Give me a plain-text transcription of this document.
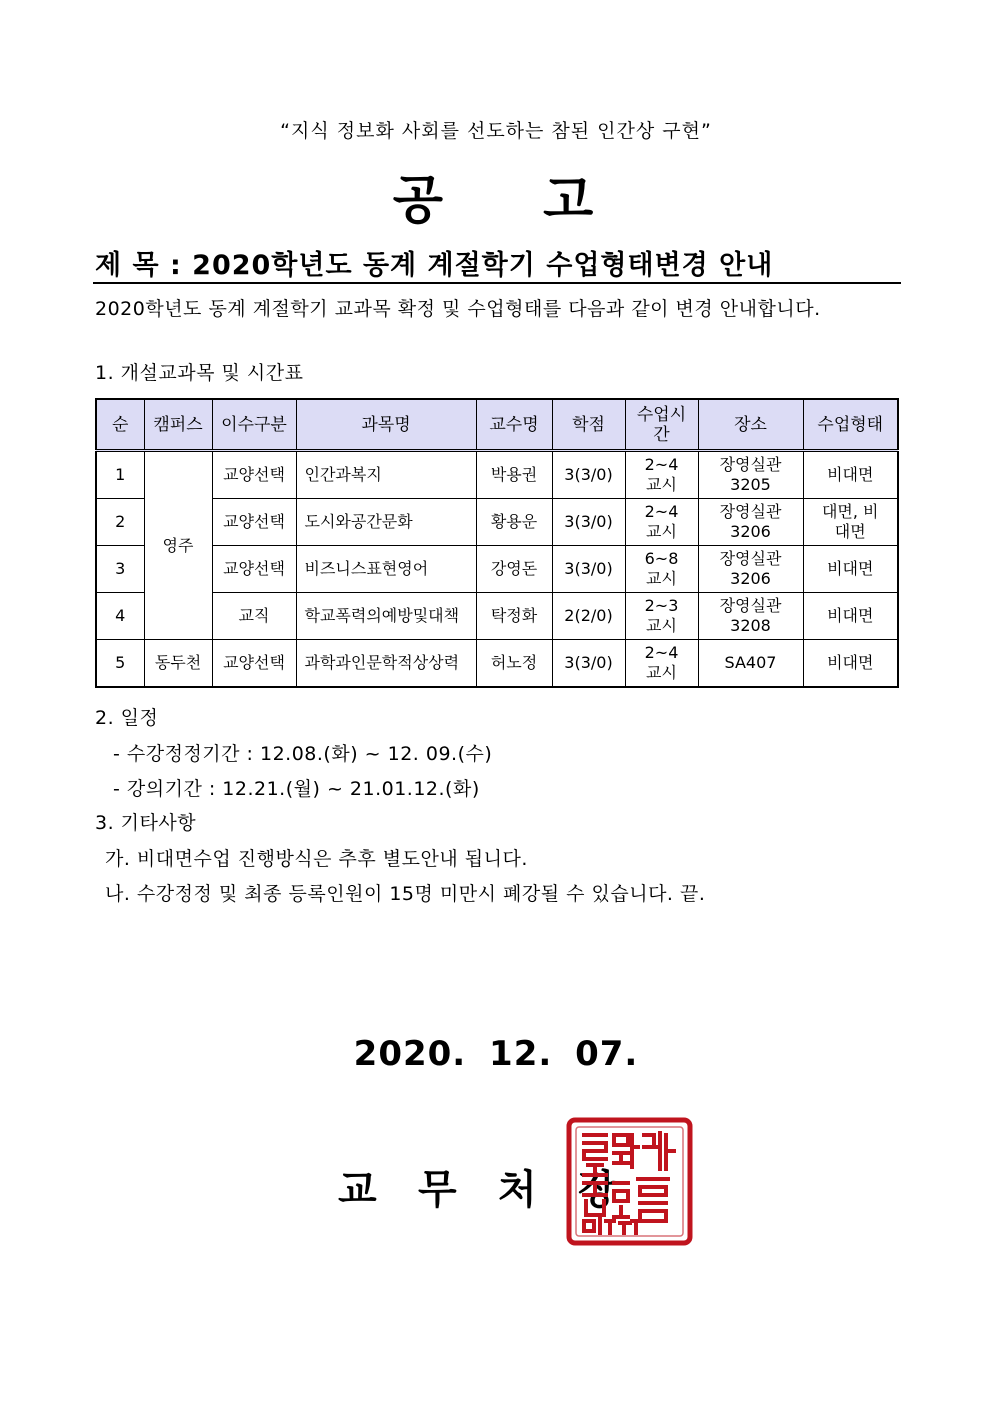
“지식 정보화 사회를 선도하는 참된 인간상 구현”
공 고
제 목 : 2020학년도 동계 계절학기 수업형태변경 안내
2020학년도 동계 계절학기 교과목 확정 및 수업형태를 다음과 같이 변경 안내합니다.
1. 개설교과목 및 시간표
순	캠퍼스	이수구분	과목명	교수명	학점	수업시간	장소	수업형태
1	영주	교양선택	인간과복지	박용권	3(3/0)	2~4 교시	장영실관 3205	비대면
2		교양선택	도시와공간문화	황용운	3(3/0)	2~4 교시	장영실관 3206	대면, 비대면
3		교양선택	비즈니스표현영어	강영돈	3(3/0)	6~8 교시	장영실관 3206	비대면
4		교직	학교폭력의예방및대책	탁정화	2(2/0)	2~3 교시	장영실관 3208	비대면
5	동두천	교양선택	과학과인문학적상상력	허노정	3(3/0)	2~4 교시	SA407	비대면
2. 일정
- 수강정정기간 : 12.08.(화) ~ 12. 09.(수)
- 강의기간 : 12.21.(월) ~ 21.01.12.(화)
3. 기타사항
가. 비대면수업 진행방식은 추후 별도안내 됩니다.
나. 수강정정 및 최종 등록인원이 15명 미만시 폐강될 수 있습니다. 끝.
2020. 12. 07.
교 무 처 장
